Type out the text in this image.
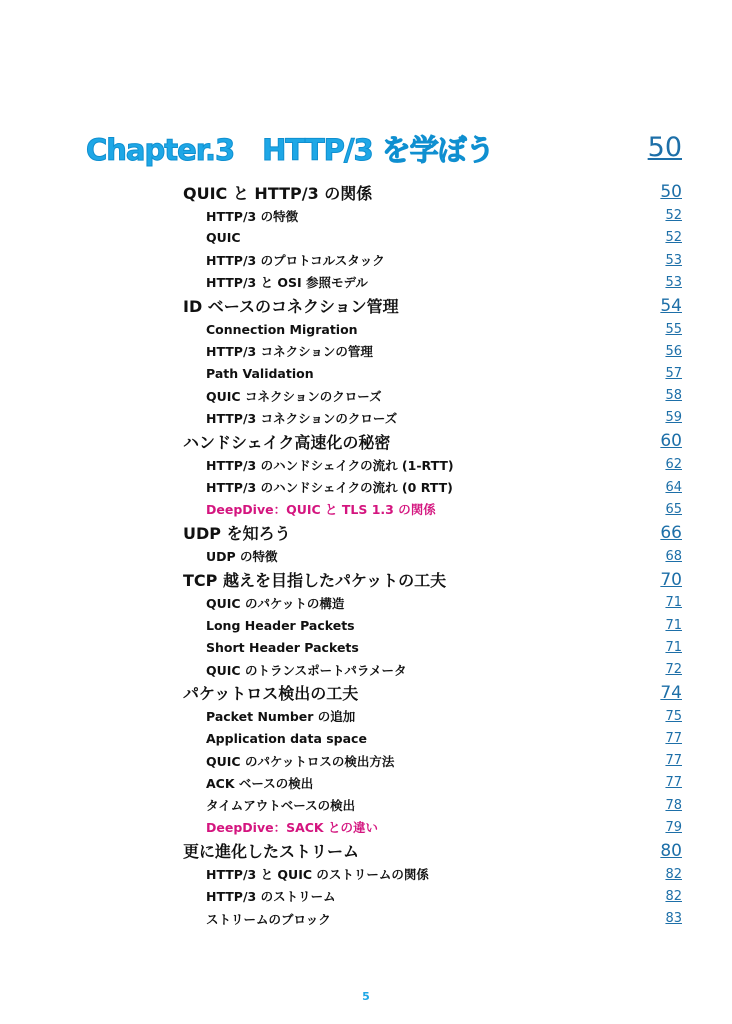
Chapter.3　HTTP/3 を学ぼう	50
QUIC と HTTP/3 の関係	50
HTTP/3 の特徴	52
QUIC	52
HTTP/3 のプロトコルスタック	53
HTTP/3 と OSI 参照モデル	53
ID ベースのコネクション管理	54
Connection Migration	55
HTTP/3 コネクションの管理	56
Path Validation	57
QUIC コネクションのクローズ	58
HTTP/3 コネクションのクローズ	59
ハンドシェイク高速化の秘密	60
HTTP/3 のハンドシェイクの流れ (1-RTT)	62
HTTP/3 のハンドシェイクの流れ (0 RTT)	64
DeepDive：QUIC と TLS 1.3 の関係	65
UDP を知ろう	66
UDP の特徴	68
TCP 越えを目指したパケットの工夫	70
QUIC のパケットの構造	71
Long Header Packets	71
Short Header Packets	71
QUIC のトランスポートパラメータ	72
パケットロス検出の工夫	74
Packet Number の追加	75
Application data space	77
QUIC のパケットロスの検出方法	77
ACK ベースの検出	77
タイムアウトベースの検出	78
DeepDive：SACK との違い	79
更に進化したストリーム	80
HTTP/3 と QUIC のストリームの関係	82
HTTP/3 のストリーム	82
ストリームのブロック	83
5
